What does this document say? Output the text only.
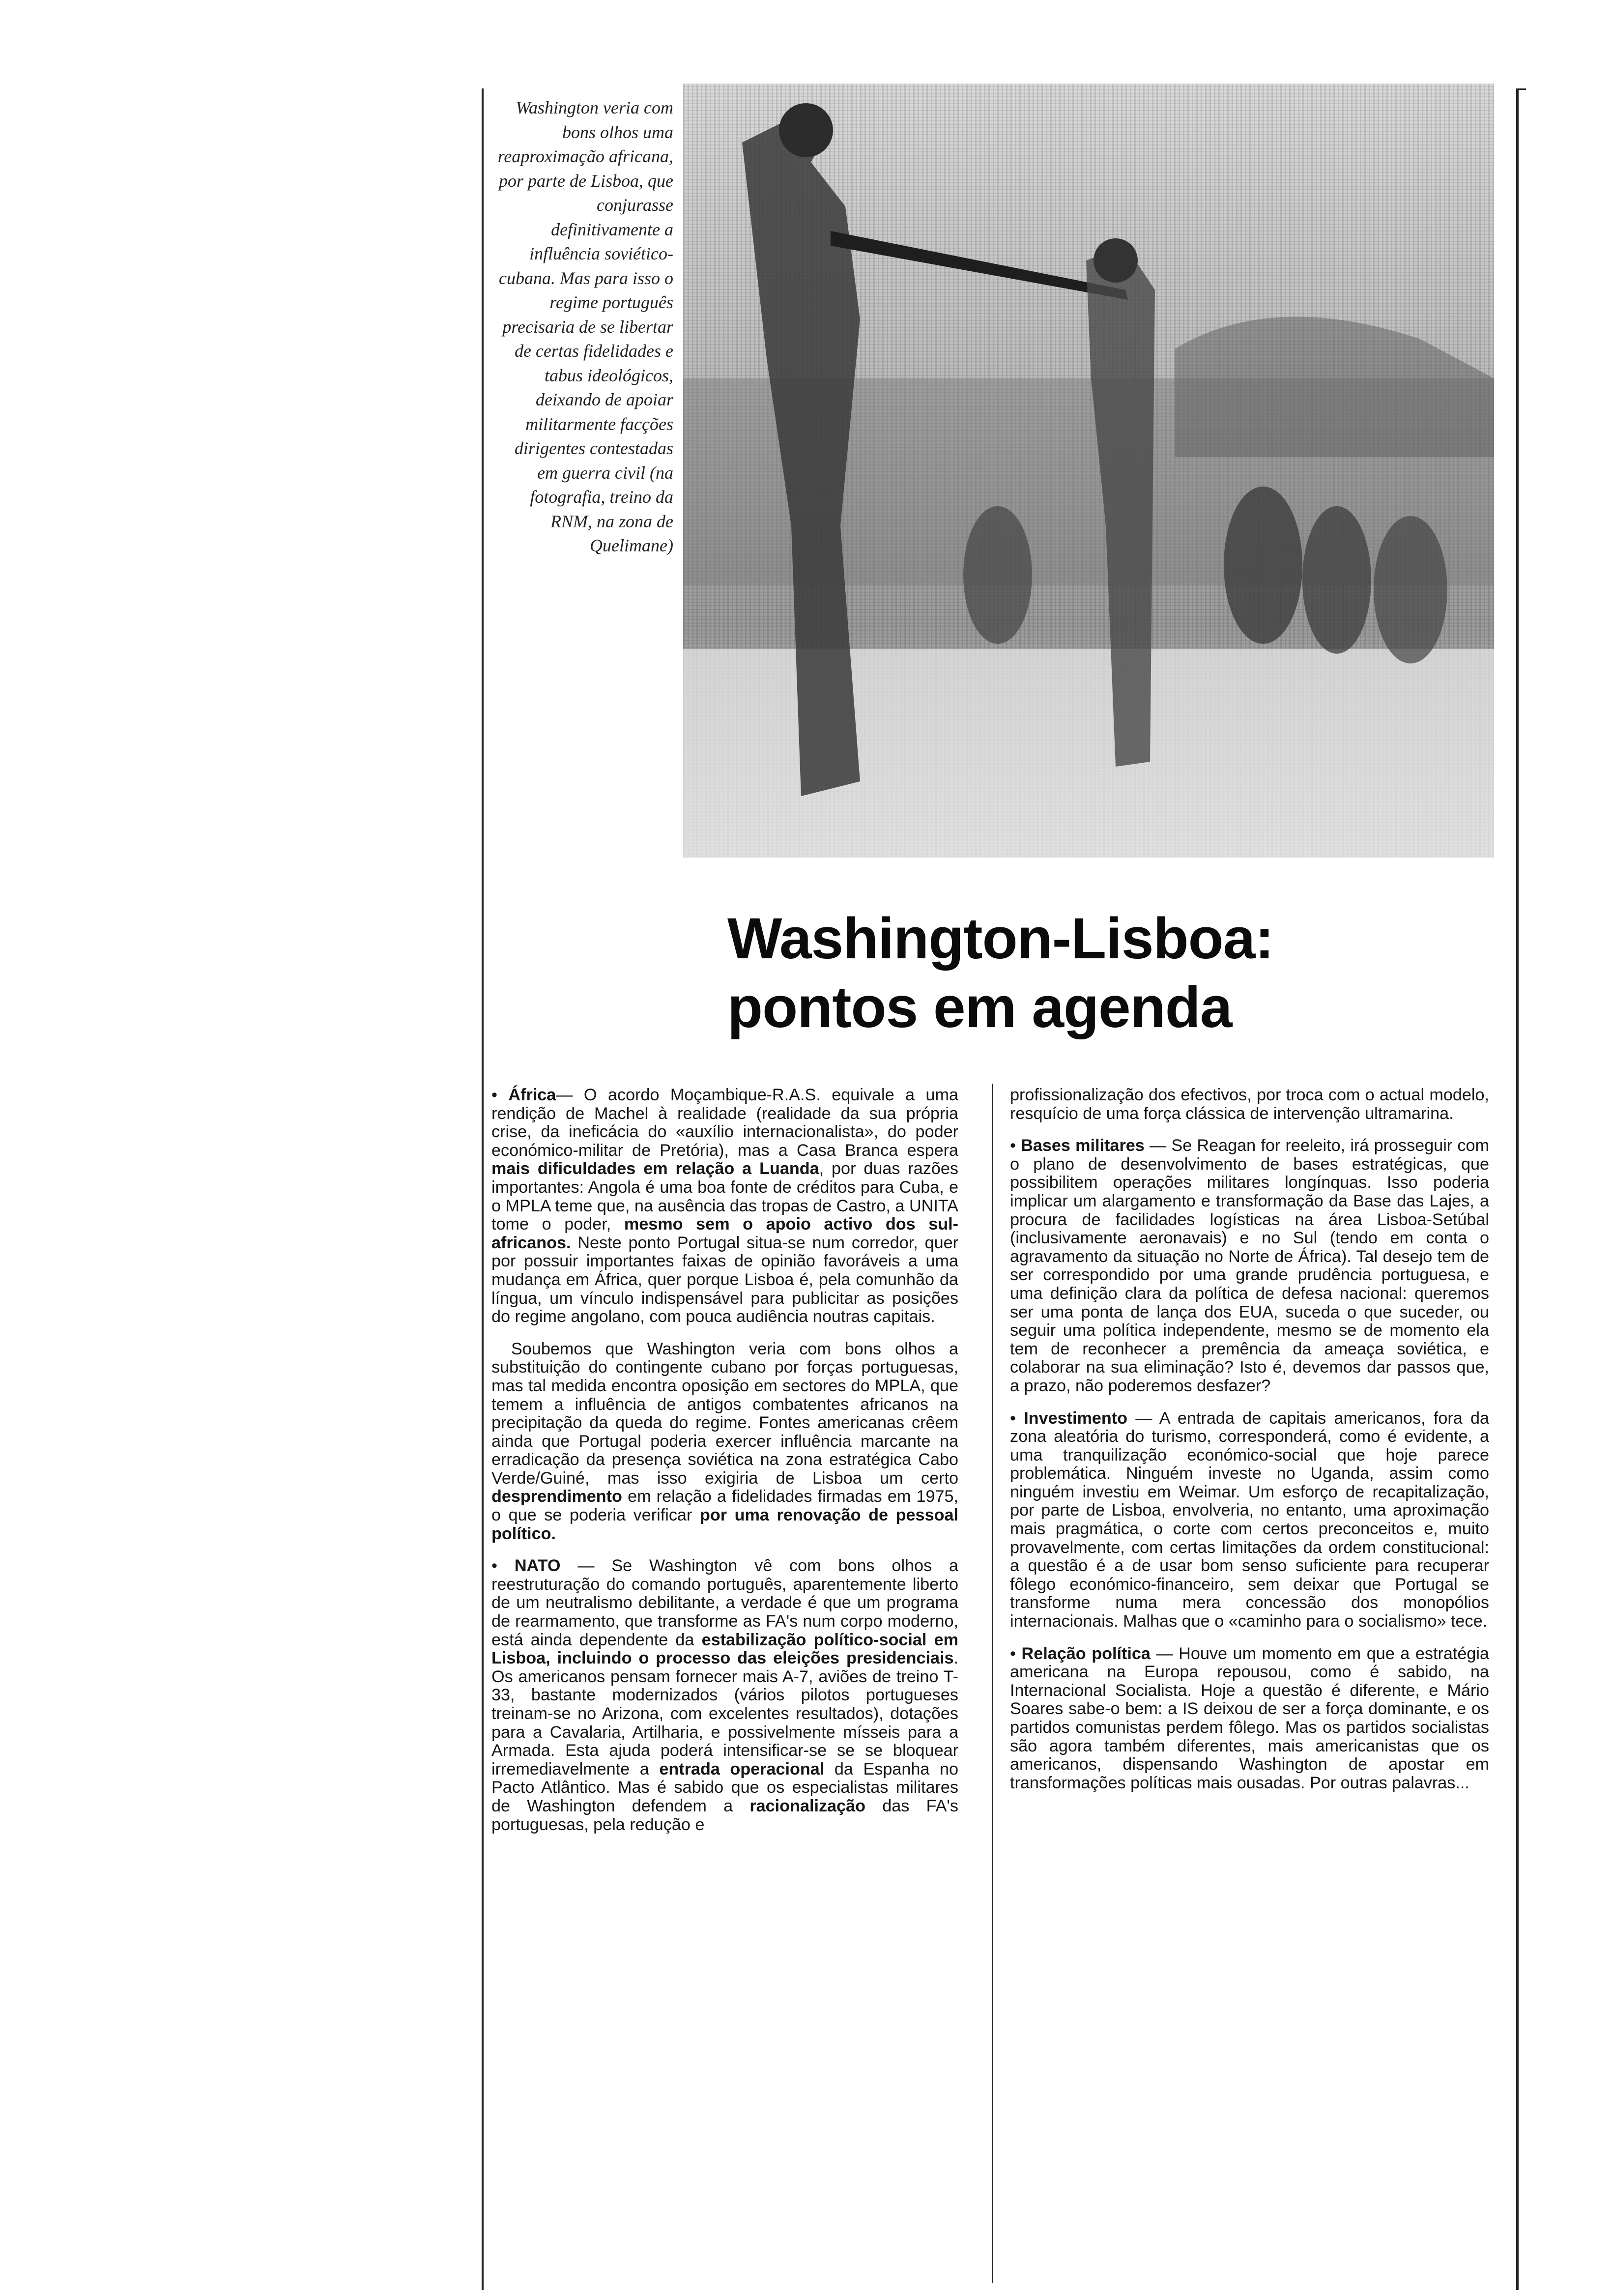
Washington veria com bons olhos uma reaproximação africana, por parte de Lisboa, que conjurasse definitivamente a influência soviético-cubana. Mas para isso o regime português precisaria de se libertar de certas fidelidades e tabus ideológicos, deixando de apoiar militarmente facções dirigentes contestadas em guerra civil (na fotografia, treino da RNM, na zona de Quelimane)
Washington-Lisboa:
pontos em agenda

• África— O acordo Moçambique-R.A.S. equivale a uma rendição de Machel à realidade (realidade da sua própria crise, da ineficácia do «auxílio internacionalista», do poder económico-militar de Pretória), mas a Casa Branca espera mais dificuldades em relação a Luanda, por duas razões importantes: Angola é uma boa fonte de créditos para Cuba, e o MPLA teme que, na ausência das tropas de Castro, a UNITA tome o poder, mesmo sem o apoio activo dos sul-africanos. Neste ponto Portugal situa-se num corredor, quer por possuir importantes faixas de opinião favoráveis a uma mudança em África, quer porque Lisboa é, pela comunhão da língua, um vínculo indispensável para publicitar as posições do regime angolano, com pouca audiência noutras capitais.

Soubemos que Washington veria com bons olhos a substituição do contingente cubano por forças portuguesas, mas tal medida encontra oposição em sectores do MPLA, que temem a influência de antigos combatentes africanos na precipitação da queda do regime. Fontes americanas crêem ainda que Portugal poderia exercer influência marcante na erradicação da presença soviética na zona estratégica Cabo Verde/Guiné, mas isso exigiria de Lisboa um certo desprendimento em relação a fidelidades firmadas em 1975, o que se poderia verificar por uma renovação de pessoal político.

• NATO — Se Washington vê com bons olhos a reestruturação do comando português, aparentemente liberto de um neutralismo debilitante, a verdade é que um programa de rearmamento, que transforme as FA's num corpo moderno, está ainda dependente da estabilização político-social em Lisboa, incluindo o processo das eleições presidenciais. Os americanos pensam fornecer mais A-7, aviões de treino T-33, bastante modernizados (vários pilotos portugueses treinam-se no Arizona, com excelentes resultados), dotações para a Cavalaria, Artilharia, e possivelmente mísseis para a Armada. Esta ajuda poderá intensificar-se se se bloquear irremediavelmente a entrada operacional da Espanha no Pacto Atlântico. Mas é sabido que os especialistas militares de Washington defendem a racionalização das FA's portuguesas, pela redução e

profissionalização dos efectivos, por troca com o actual modelo, resquício de uma força clássica de intervenção ultramarina.

• Bases militares — Se Reagan for reeleito, irá prosseguir com o plano de desenvolvimento de bases estratégicas, que possibilitem operações militares longínquas. Isso poderia implicar um alargamento e transformação da Base das Lajes, a procura de facilidades logísticas na área Lisboa-Setúbal (inclusivamente aeronavais) e no Sul (tendo em conta o agravamento da situação no Norte de África). Tal desejo tem de ser correspondido por uma grande prudência portuguesa, e uma definição clara da política de defesa nacional: queremos ser uma ponta de lança dos EUA, suceda o que suceder, ou seguir uma política independente, mesmo se de momento ela tem de reconhecer a premência da ameaça soviética, e colaborar na sua eliminação? Isto é, devemos dar passos que, a prazo, não poderemos desfazer?

• Investimento — A entrada de capitais americanos, fora da zona aleatória do turismo, corresponderá, como é evidente, a uma tranquilização económico-social que hoje parece problemática. Ninguém investe no Uganda, assim como ninguém investiu em Weimar. Um esforço de recapitalização, por parte de Lisboa, envolveria, no entanto, uma aproximação mais pragmática, o corte com certos preconceitos e, muito provavelmente, com certas limitações da ordem constitucional: a questão é a de usar bom senso suficiente para recuperar fôlego económico-financeiro, sem deixar que Portugal se transforme numa mera concessão dos monopólios internacionais. Malhas que o «caminho para o socialismo» tece.

• Relação política — Houve um momento em que a estratégia americana na Europa repousou, como é sabido, na Internacional Socialista. Hoje a questão é diferente, e Mário Soares sabe-o bem: a IS deixou de ser a força dominante, e os partidos comunistas perdem fôlego. Mas os partidos socialistas são agora também diferentes, mais americanistas que os americanos, dispensando Washington de apostar em transformações políticas mais ousadas. Por outras palavras...
